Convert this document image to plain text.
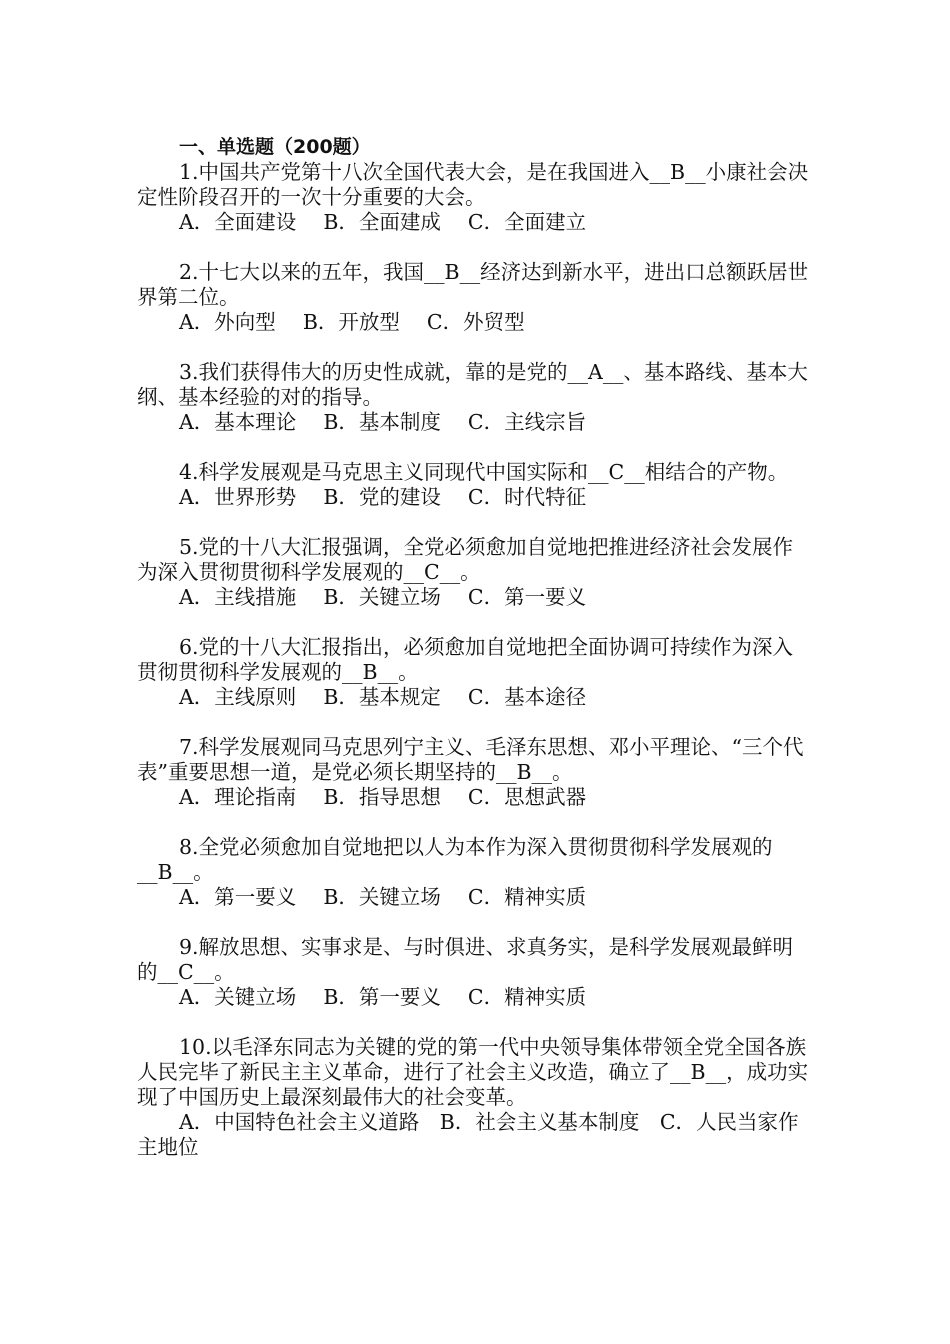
一、单选题（200题）

1.中国共产党第十八次全国代表大会，是在我国进入__B__小康社会决定性阶段召开的一次十分重要的大会。

A．全面建设　 B．全面建成　 C．全面建立

2.十七大以来的五年，我国__B__经济达到新水平，进出口总额跃居世界第二位。

A．外向型　 B．开放型　 C．外贸型

3.我们获得伟大的历史性成就，靠的是党的__A__、基本路线、基本大纲、基本经验的对的指导。

A．基本理论　 B．基本制度　 C．主线宗旨

4.科学发展观是马克思主义同现代中国实际和__C__相结合的产物。

A．世界形势　 B．党的建设　 C．时代特征

5.党的十八大汇报强调，全党必须愈加自觉地把推进经济社会发展作为深入贯彻贯彻科学发展观的__C__。

A．主线措施　 B．关键立场　 C．第一要义

6.党的十八大汇报指出，必须愈加自觉地把全面协调可持续作为深入贯彻贯彻科学发展观的__B__。

A．主线原则　 B．基本规定　 C．基本途径

7.科学发展观同马克思列宁主义、毛泽东思想、邓小平理论、“三个代表”重要思想一道，是党必须长期坚持的__B__。

A．理论指南　 B．指导思想　 C．思想武器

8.全党必须愈加自觉地把以人为本作为深入贯彻贯彻科学发展观的__B__。

A．第一要义　 B．关键立场　 C．精神实质

9.解放思想、实事求是、与时俱进、求真务实，是科学发展观最鲜明的__C__。

A．关键立场　 B．第一要义　 C．精神实质

10.以毛泽东同志为关键的党的第一代中央领导集体带领全党全国各族人民完毕了新民主主义革命，进行了社会主义改造，确立了__B__，成功实现了中国历史上最深刻最伟大的社会变革。

A．中国特色社会主义道路　B．社会主义基本制度　C．人民当家作主地位
